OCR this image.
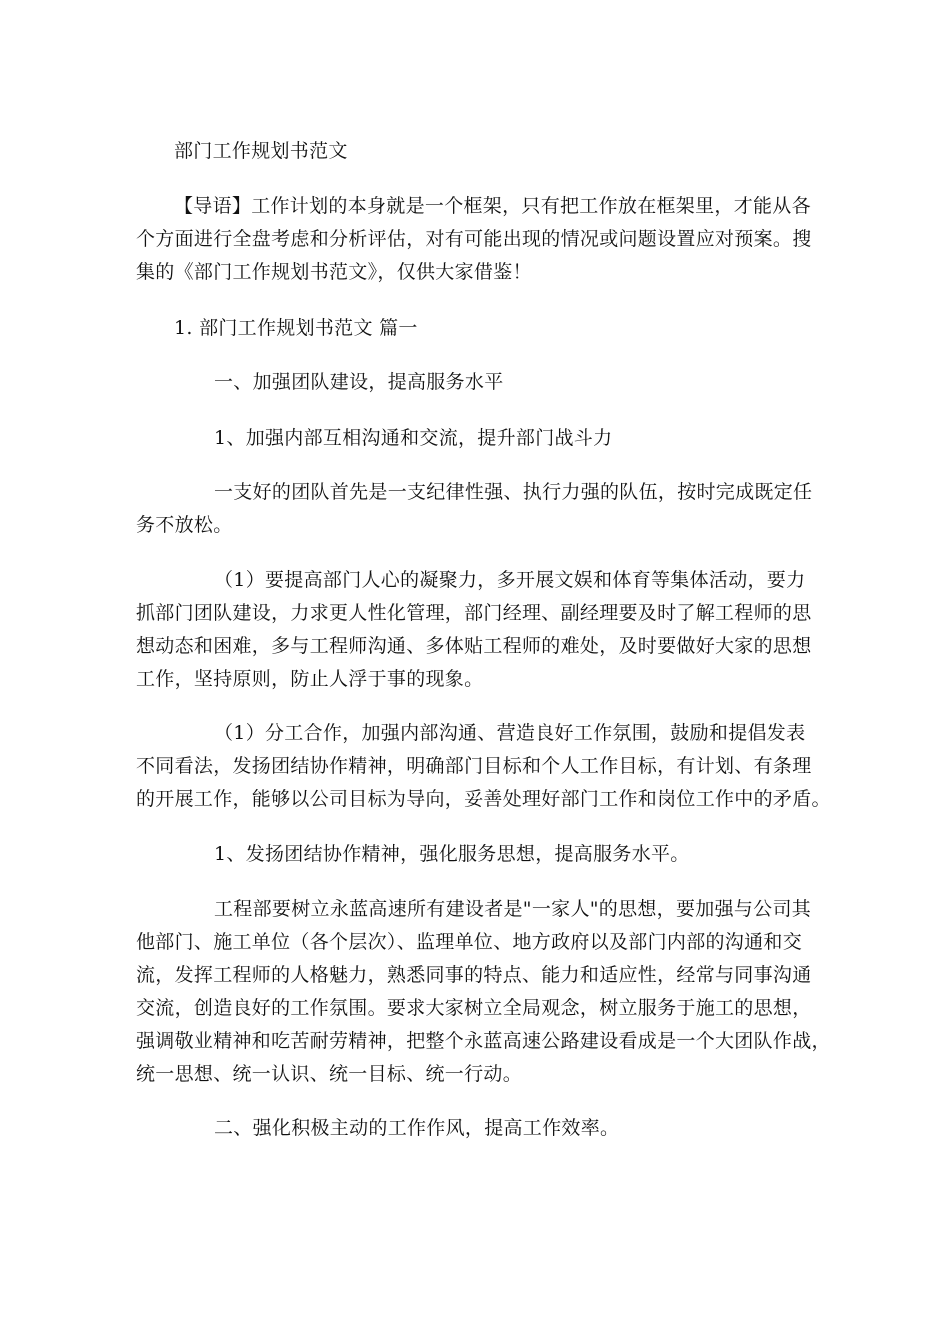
部门工作规划书范文
【导语】工作计划的本身就是一个框架，只有把工作放在框架里，才能从各
个方面进行全盘考虑和分析评估，对有可能出现的情况或问题设置应对预案。搜
集的《部门工作规划书范文》，仅供大家借鉴！
1. 部门工作规划书范文 篇一
一、加强团队建设，提高服务水平
1、加强内部互相沟通和交流，提升部门战斗力
一支好的团队首先是一支纪律性强、执行力强的队伍，按时完成既定任
务不放松。
（1）要提高部门人心的凝聚力，多开展文娱和体育等集体活动，要力
抓部门团队建设，力求更人性化管理，部门经理、副经理要及时了解工程师的思
想动态和困难，多与工程师沟通、多体贴工程师的难处，及时要做好大家的思想
工作，坚持原则，防止人浮于事的现象。
（1）分工合作，加强内部沟通、营造良好工作氛围，鼓励和提倡发表
不同看法，发扬团结协作精神，明确部门目标和个人工作目标，有计划、有条理
的开展工作，能够以公司目标为导向，妥善处理好部门工作和岗位工作中的矛盾。
1、发扬团结协作精神，强化服务思想，提高服务水平。
工程部要树立永蓝高速所有建设者是"一家人"的思想，要加强与公司其
他部门、施工单位（各个层次）、监理单位、地方政府以及部门内部的沟通和交
流，发挥工程师的人格魅力，熟悉同事的特点、能力和适应性，经常与同事沟通
交流，创造良好的工作氛围。要求大家树立全局观念，树立服务于施工的思想，
强调敬业精神和吃苦耐劳精神，把整个永蓝高速公路建设看成是一个大团队作战，
统一思想、统一认识、统一目标、统一行动。
二、强化积极主动的工作作风，提高工作效率。
